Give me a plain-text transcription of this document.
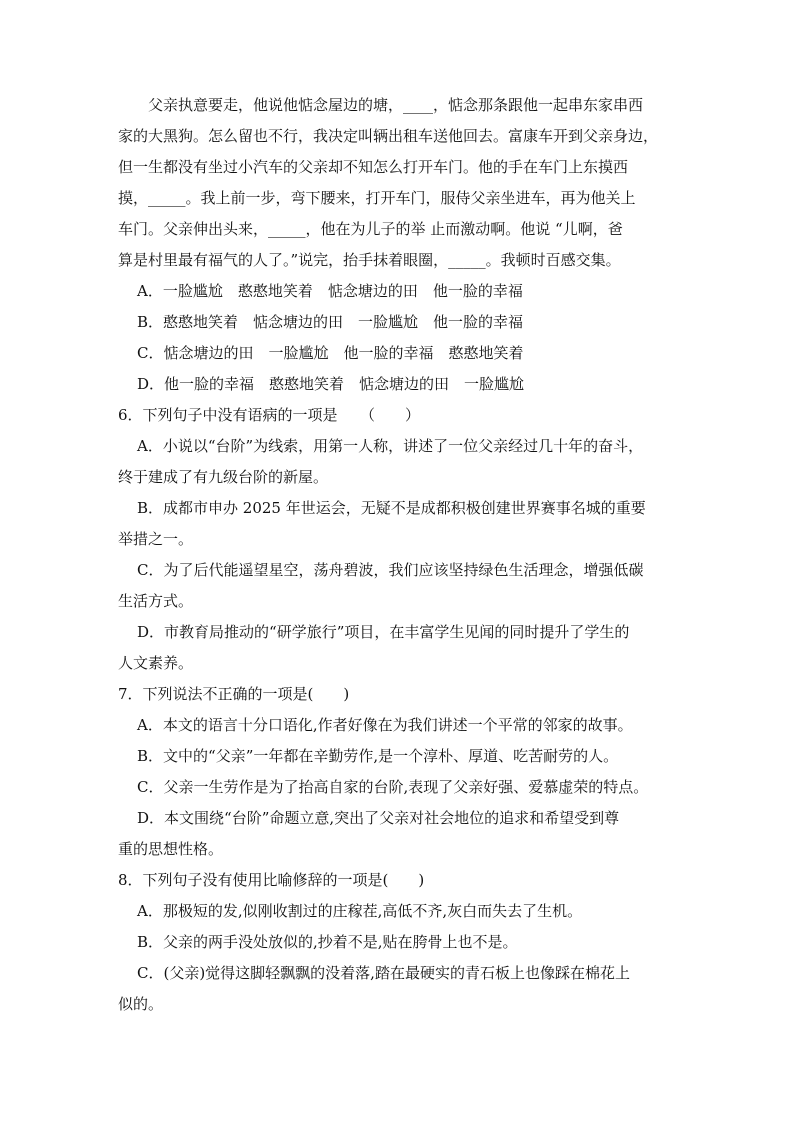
父亲执意要走，他说他惦念屋边的塘，____，惦念那条跟他一起串东家串西
家的大黑狗。怎么留也不行，我决定叫辆出租车送他回去。富康车开到父亲身边，
但一生都没有坐过小汽车的父亲却不知怎么打开车门。他的手在车门上东摸西
摸，_____。我上前一步，弯下腰来，打开车门，服侍父亲坐进车，再为他关上
车门。父亲伸出头来，_____，他在为儿子的举 止而激动啊。他说 “儿啊，爸
算是村里最有福气的人了。”说完，抬手抹着眼圈，_____。我顿时百感交集。
A．一脸尴尬　憨憨地笑着　惦念塘边的田　他一脸的幸福
B．憨憨地笑着　惦念塘边的田　一脸尴尬　他一脸的幸福
C．惦念塘边的田　一脸尴尬　他一脸的幸福　憨憨地笑着
D．他一脸的幸福　憨憨地笑着　惦念塘边的田　一脸尴尬
6．下列句子中没有语病的一项是　　（　　）
A．小说以“台阶”为线索，用第一人称，讲述了一位父亲经过几十年的奋斗，
终于建成了有九级台阶的新屋。
B．成都市申办 2025 年世运会，无疑不是成都积极创建世界赛事名城的重要
举措之一。
C．为了后代能遥望星空，荡舟碧波，我们应该坚持绿色生活理念，增强低碳
生活方式。
D．市教育局推动的“研学旅行”项目，在丰富学生见闻的同时提升了学生的
人文素养。
7．下列说法不正确的一项是(　　)
A．本文的语言十分口语化,作者好像在为我们讲述一个平常的邻家的故事。
B．文中的“父亲”一年都在辛勤劳作,是一个淳朴、厚道、吃苦耐劳的人。
C．父亲一生劳作是为了抬高自家的台阶,表现了父亲好强、爱慕虚荣的特点。
D．本文围绕“台阶”命题立意,突出了父亲对社会地位的追求和希望受到尊
重的思想性格。
8．下列句子没有使用比喻修辞的一项是(　　)
A．那极短的发,似刚收割过的庄稼茬,高低不齐,灰白而失去了生机。
B．父亲的两手没处放似的,抄着不是,贴在胯骨上也不是。
C．(父亲)觉得这脚轻飘飘的没着落,踏在最硬实的青石板上也像踩在棉花上
似的。
